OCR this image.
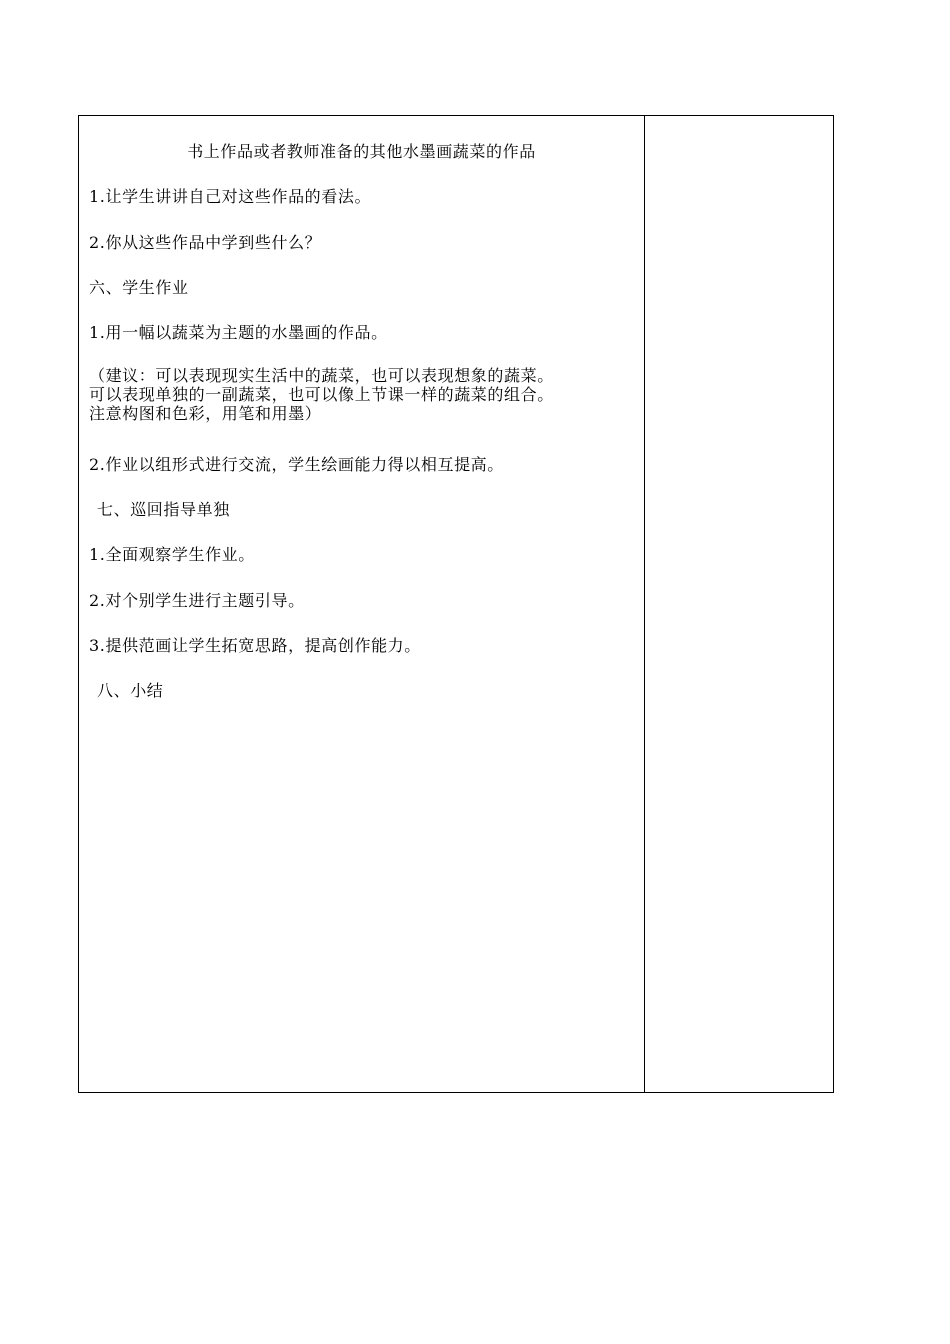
书上作品或者教师准备的其他水墨画蔬菜的作品
1.让学生讲讲自己对这些作品的看法。
2.你从这些作品中学到些什么？
六、学生作业
1.用一幅以蔬菜为主题的水墨画的作品。
（建议：可以表现现实生活中的蔬菜，也可以表现想象的蔬菜。
可以表现单独的一副蔬菜，也可以像上节课一样的蔬菜的组合。
注意构图和色彩，用笔和用墨）
2.作业以组形式进行交流，学生绘画能力得以相互提高。
七、巡回指导单独
1.全面观察学生作业。
2.对个别学生进行主题引导。
3.提供范画让学生拓宽思路，提高创作能力。
八、小结
